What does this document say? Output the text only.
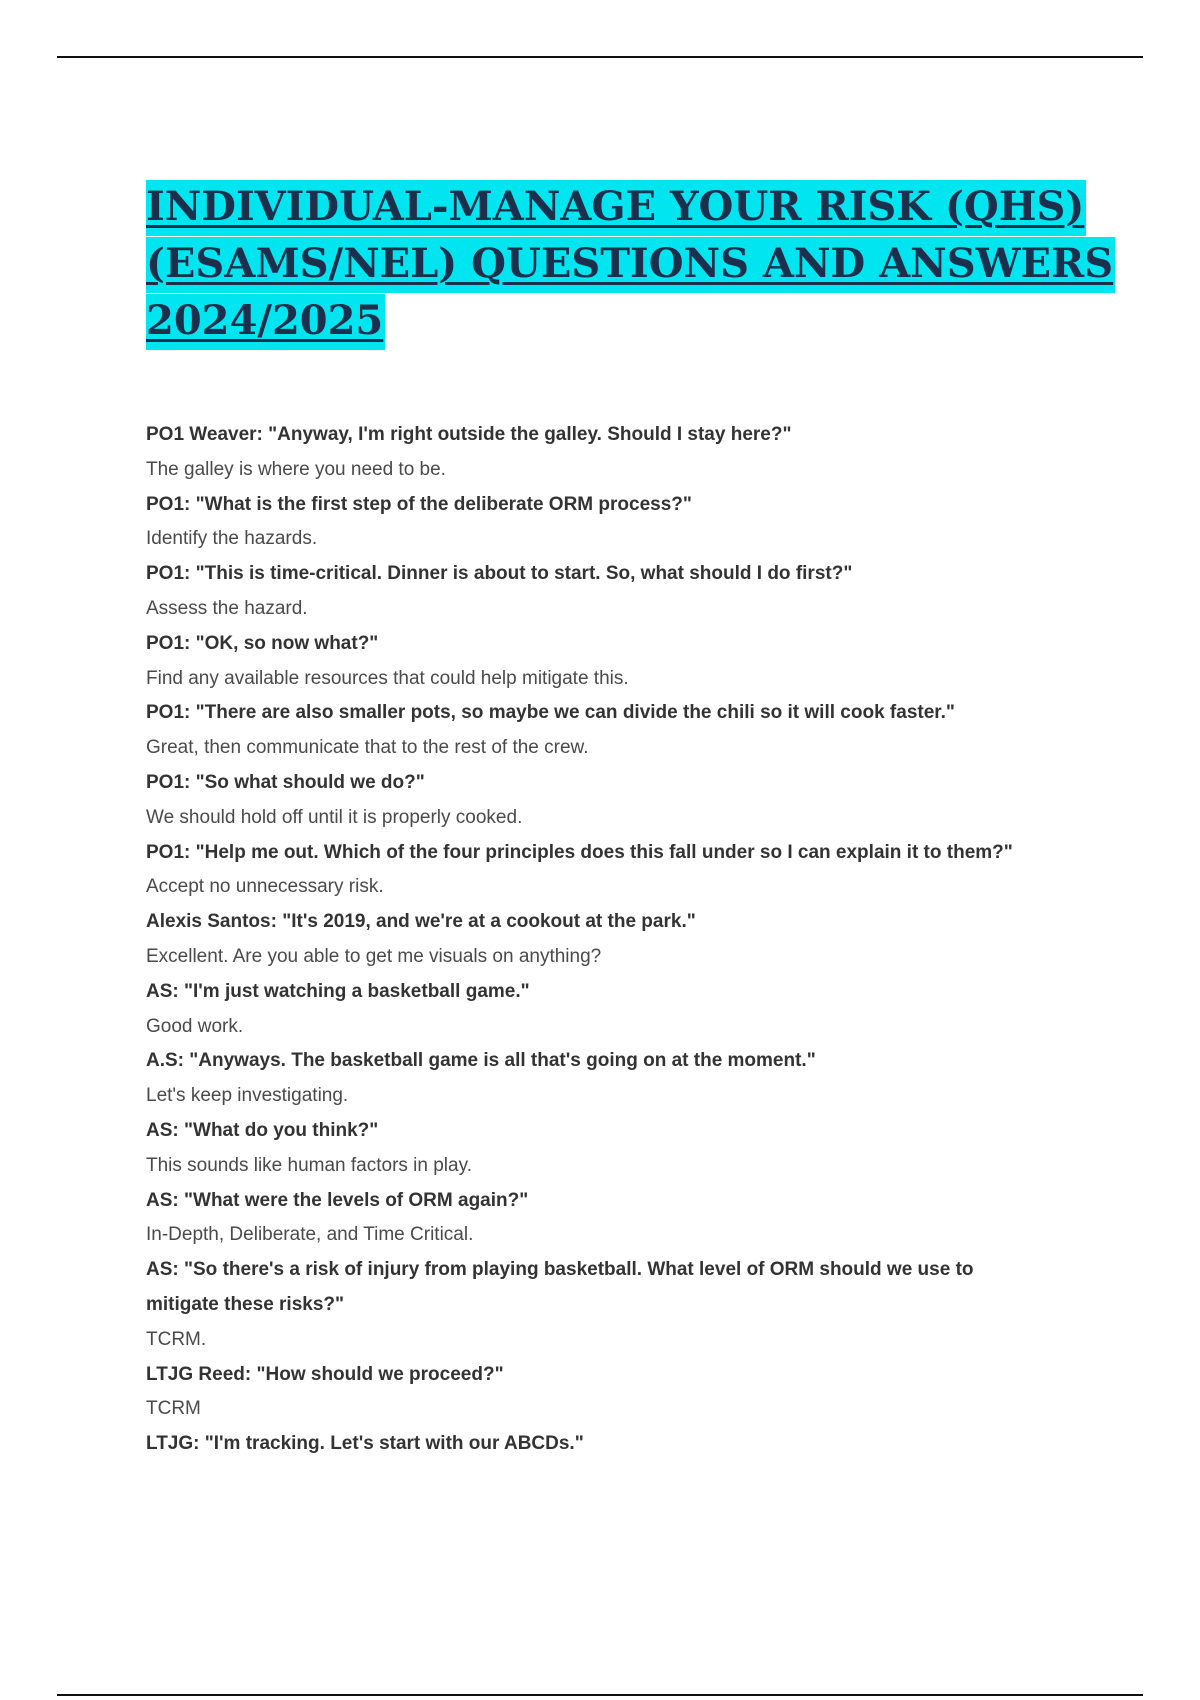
INDIVIDUAL-MANAGE YOUR RISK (QHS)
(ESAMS/NEL) QUESTIONS AND ANSWERS
2024/2025
PO1 Weaver: "Anyway, I'm right outside the galley. Should I stay here?"
The galley is where you need to be.
PO1: "What is the first step of the deliberate ORM process?"
Identify the hazards.
PO1: "This is time-critical. Dinner is about to start. So, what should I do first?"
Assess the hazard.
PO1: "OK, so now what?"
Find any available resources that could help mitigate this.
PO1: "There are also smaller pots, so maybe we can divide the chili so it will cook faster."
Great, then communicate that to the rest of the crew.
PO1: "So what should we do?"
We should hold off until it is properly cooked.
PO1: "Help me out. Which of the four principles does this fall under so I can explain it to them?"
Accept no unnecessary risk.
Alexis Santos: "It's 2019, and we're at a cookout at the park."
Excellent. Are you able to get me visuals on anything?
AS: "I'm just watching a basketball game."
Good work.
A.S: "Anyways. The basketball game is all that's going on at the moment."
Let's keep investigating.
AS: "What do you think?"
This sounds like human factors in play.
AS: "What were the levels of ORM again?"
In-Depth, Deliberate, and Time Critical.
AS: "So there's a risk of injury from playing basketball. What level of ORM should we use to
mitigate these risks?"
TCRM.
LTJG Reed: "How should we proceed?"
TCRM
LTJG: "I'm tracking. Let's start with our ABCDs."
